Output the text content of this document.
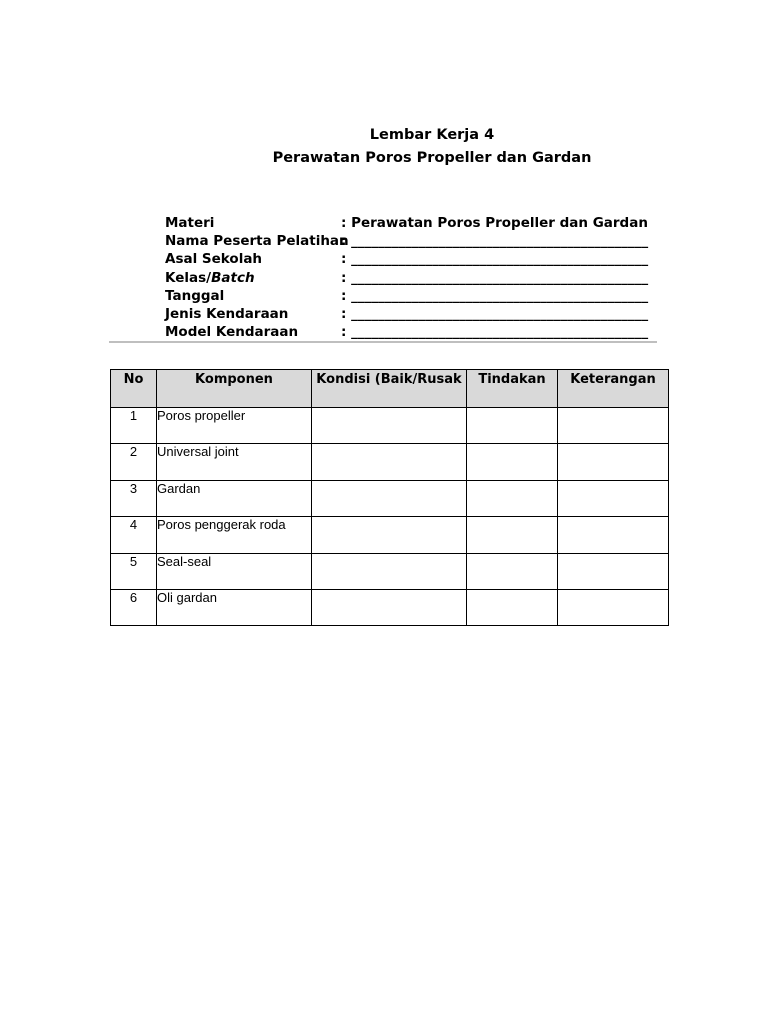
Lembar Kerja 4
Perawatan Poros Propeller dan Gardan
Materi	: Perawatan Poros Propeller dan Gardan
Nama Peserta Pelatihan
: ____________________________________________
Asal Sekolah	: ____________________________________________
Kelas/Batch	: ____________________________________________
Tanggal	: ____________________________________________
Jenis Kendaraan	: ____________________________________________
Model Kendaraan	: ____________________________________________
No	Komponen	Kondisi (Baik/Rusak	Tindakan	Keterangan
1	Poros propeller			
2	Universal joint			
3	Gardan			
4	Poros penggerak roda			
5	Seal-seal			
6	Oli gardan			
